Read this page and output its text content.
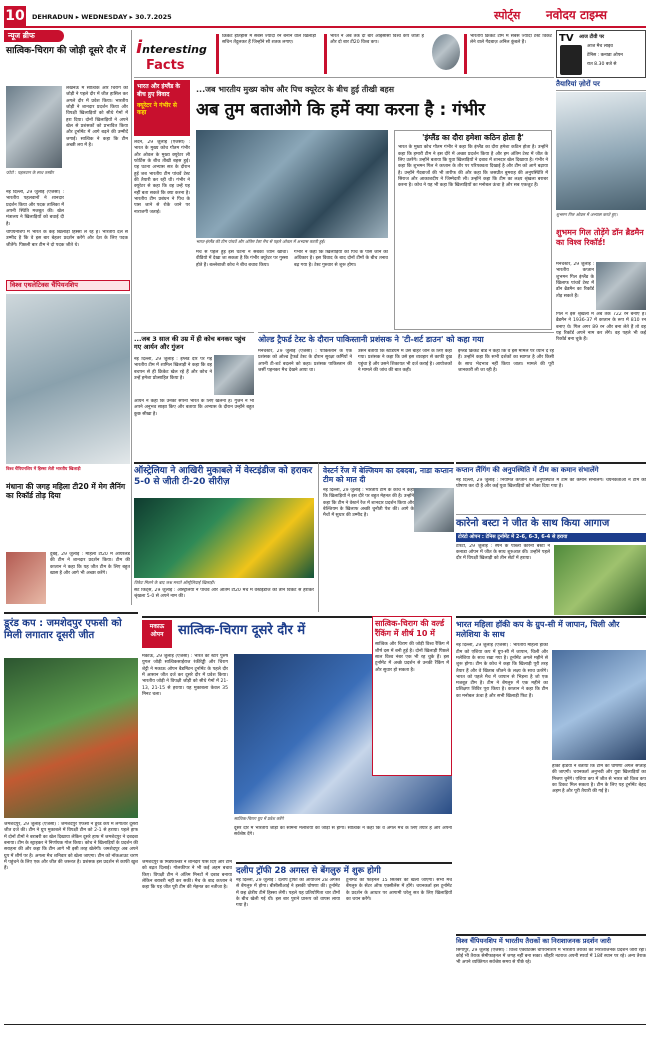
10 DEHRADUN ▸ WEDNESDAY ▸ 30.7.2025	स्पोर्ट्स नवोदय टाइम्स
न्यूज ब्रीफ
सात्विक-चिराग की जोड़ी दूसरे दौर में
लखनऊ में सात्विक और चिराग की जोड़ी ने पहले दौर में जीत हासिल कर अगले दौर में प्रवेश किया। भारतीय जोड़ी ने शानदार प्रदर्शन किया और विपक्षी खिलाड़ियों को सीधे गेमों में हरा दिया। दोनों खिलाड़ियों ने अपने खेल से प्रशंसकों को प्रभावित किया और टूर्नामेंट में आगे बढ़ने की उम्मीदें जगाईं। सात्विक ने कहा कि टीम अच्छी लय में है।
फोटो : पहलवान के साथ तस्वीर
नई दिल्ली, 29 जुलाई (एजेंसी) : भारतीय पहलवानों ने शानदार प्रदर्शन किया और पदक तालिका में अपनी स्थिति मजबूत की। खेल मंत्रालय ने खिलाड़ियों को बधाई दी है।
चैंपियनशिप में भारत के कई खिलाड़ी हिस्सा ले रहे हैं। भारतीय दल से उम्मीद है कि वे इस बार बेहतर प्रदर्शन करेंगे और देश के लिए पदक जीतेंगे। पिछली बार टीम ने दो पदक जीते थे।
विश्व एथलेटिक्स चैंपियनशिप
विश्व चैंपियनशिप में हिस्सा लेती भारतीय खिलाड़ी
मंधाना की जगह महिला टी20 में मेग लैनिंग का रिकॉर्ड तोड़ दिया
दुबई, 29 जुलाई : महिला टी20 में आयरलैंड की टीम ने शानदार प्रदर्शन किया। टीम की कप्तान ने कहा कि यह जीत टीम के लिए बहुत खास है और आगे भी अच्छा करेंगे।
interesting
Facts
क्रिकेट इतिहास में सबसे ज्यादा रन बनाने वाले खिलाड़ी सचिन तेंदुलकर हैं जिन्होंने सौ शतक लगाए।
भारत ने अब तक दो बार आईसीसी विश्व कप जीता है और दो बार टी20 विश्व कप।
भारतीय क्रिकेट टीम में सबसे ज्यादा टेस्ट विकेट लेने वाले गेंदबाज़ अनिल कुंबले हैं।	TV आज टीवी पर
आज मैच लाइव
टेनिस : कनाडा ओपन
रात 8.30 बजे से
भारत और इंग्लैंड के बीच हुए विवाद
क्यूरेटर ने गंभीर से कहा
...जब भारतीय मुख्य कोच और पिच क्यूरेटर के बीच हुई तीखी बहस
अब तुम बताओगे कि हमें क्या करना है : गंभीर
लंदन, 29 जुलाई (एजेंसी) : भारत के मुख्य कोच गौतम गंभीर और ओवल के मुख्य क्यूरेटर ली फोर्टिस के बीच तीखी बहस हुई। यह घटना अभ्यास सत्र के दौरान हुई जब भारतीय टीम पांचवें टेस्ट की तैयारी कर रही थी। गंभीर ने क्यूरेटर से कहा कि वह उन्हें यह नहीं बता सकते कि क्या करना है। भारतीय टीम प्रबंधन ने पिच के पास जाने से रोके जाने पर नाराजगी जताई।
भारत-इंग्लैंड की टीम पांचवें और अंतिम टेस्ट मैच से पहले ओवल में अभ्यास करती हुई।
मैच से पहले हुई इस घटना ने सबका ध्यान खींचा। वीडियो में देखा जा सकता है कि गंभीर क्यूरेटर पर गुस्सा होते हैं। बल्लेबाजी कोच ने बीच बचाव किया।
गंभीर ने कहा कि खिलाड़ियों को पिच के पास जाने का अधिकार है। इस विवाद के बाद दोनों टीमों के बीच तनाव बढ़ गया है। टेस्ट गुरुवार से शुरू होगा।
'इंग्लैंड का दौरा हमेशा कठिन होता है'
भारत के मुख्य कोच गौतम गंभीर ने कहा कि इंग्लैंड का दौरा हमेशा कठिन होता है। उन्होंने कहा कि हमारी टीम ने इस दौरे में अच्छा प्रदर्शन किया है और हम अंतिम टेस्ट में जीत के लिए उतरेंगे। उन्होंने बताया कि युवा खिलाड़ियों ने दबाव में शानदार खेल दिखाया है। गंभीर ने कहा कि शुभमन गिल ने कप्तान के तौर पर परिपक्वता दिखाई है और टीम को आगे बढ़ाया है। उन्होंने गेंदबाजों की भी तारीफ की और कहा कि जसप्रीत बुमराह की अनुपस्थिति में सिराज और आकाशदीप ने जिम्मेदारी ली। उन्होंने कहा कि टीम का लक्ष्य श्रृंखला बराबर करना है। कोच ने यह भी कहा कि खिलाड़ियों का मनोबल ऊंचा है और सब एकजुट हैं।
तैयारियां ज़ोरों पर
शुभमन गिल ओवल में अभ्यास करते हुए।
शुभमन गिल तोड़ेंगे डॉन ब्रैडमैन का विश्व रिकॉर्ड!
मैनचेस्टर, 29 जुलाई : भारतीय कप्तान शुभमन गिल इंग्लैंड के खिलाफ पांचवें टेस्ट में डॉन ब्रैडमैन का रिकॉर्ड तोड़ सकते हैं।
गिल ने इस श्रृंखला में अब तक 722 रन बनाए हैं। ब्रैडमैन ने 1936-37 में कप्तान के रूप में 810 रन बनाए थे। गिल अगर 89 रन और बना लेते हैं तो वह यह रिकॉर्ड अपने नाम कर लेंगे। वह पहले भी कई रिकॉर्ड बना चुके हैं।
...जब 3 साल की उम्र में ही कोच बनकर पहुंच गए आर्यन और गुंजन
नई दिल्ली, 29 जुलाई : इंग्लैंड दौरे पर गई भारतीय टीम में शामिल खिलाड़ी ने कहा कि वह बचपन से ही क्रिकेट खेल रहे हैं और कोच ने उन्हें हमेशा प्रोत्साहित किया है।
आर्यन ने कहा कि उनका सपना भारत के लिए खेलना है। गुंजन ने भी अपने अनुभव साझा किए और बताया कि अभ्यास के दौरान उन्होंने बहुत कुछ सीखा है।
ओल्ड ट्रैफर्ड टेस्ट के दौरान पाकिस्तानी प्रशंसक ने 'टी-शर्ट डाउन' को कहा गया
मैनचेस्टर, 29 जुलाई (एजेंसी) : पाकिस्तान के एक प्रशंसक को ओल्ड ट्रैफर्ड टेस्ट के दौरान सुरक्षा कर्मियों ने अपनी टी-शर्ट बदलने को कहा। प्रशंसक पाकिस्तान की जर्सी पहनकर मैच देखने आया था।
उसने बताया कि स्टेडियम में उसे बाहर जाने के लिए कहा गया। प्रशंसक ने कहा कि उसे इस व्यवहार से काफी दुख पहुंचा है और उसने शिकायत भी दर्ज कराई है। आयोजकों ने मामले की जांच की बात कही।
इंग्लैंड क्रिकेट बोर्ड ने कहा कि वे इस मामले पर ध्यान दे रहे हैं। उन्होंने कहा कि सभी दर्शकों का स्वागत है और किसी के साथ भेदभाव नहीं किया जाता। मामले की पूरी जानकारी ली जा रही है।
ऑस्ट्रेलिया ने आखिरी मुकाबले में वेस्टइंडीज को हराकर 5-0 से जीती टी-20 सीरीज़
विकेट मिलने के बाद जश्न मनाते ऑस्ट्रेलियाई खिलाड़ी।
सेंट किट्स, 29 जुलाई : ऑस्ट्रेलिया ने पांचवें और अंतिम टी20 मैच में वेस्टइंडीज को तीन विकेट से हराकर श्रृंखला 5-0 से अपने नाम की।
वेस्टर्न रेंज में बेल्जियम का दबदबा, नाडा कप्तान टीम को मात दी
नई दिल्ली, 29 जुलाई : भारतीय टीम के कोच ने कहा कि खिलाड़ियों ने इस दौरे पर बहुत मेहनत की है। उन्होंने कहा कि टीम ने वेस्टर्न रेंज में शानदार प्रदर्शन किया और बेल्जियम के खिलाफ अच्छी चुनौती पेश की। आगे के मैचों में सुधार की उम्मीद है।
कप्तान लैंगिंग की अनुपस्थिति में टीम का कमान संभालेंगे
नई दिल्ली, 29 जुलाई : नियमित कप्तान की अनुपस्थिति में टीम की कमान संभालेंगे। चयनकर्ताओं ने टीम की घोषणा कर दी है और कई युवा खिलाड़ियों को मौका दिया गया है।
कारेनो बस्टा ने जीत के साथ किया आगाज
टोरंटो ओपन : टेनिस टूर्नामेंट में 2-6, 6-3, 6-4 से हराया
टोरंटो, 29 जुलाई : स्पेन के पाब्लो कारेनो बस्टा ने कनाडा ओपन में जीत के साथ शुरुआत की। उन्होंने पहले दौर में विपक्षी खिलाड़ी को तीन सेटों में हराया।
डूरंड कप : जमशेदपुर एफसी को मिली लगातार दूसरी जीत
जमशेदपुर, 29 जुलाई (एजेंसी) : जमशेदपुर एफसी ने डूरंड कप में लगातार दूसरी जीत दर्ज की। टीम ने ग्रुप मुकाबले में विपक्षी टीम को 2-1 से हराया। पहले हाफ में दोनों टीमों ने बराबरी का खेल दिखाया लेकिन दूसरे हाफ में जमशेदपुर ने दबदबा बनाया। टीम के स्ट्राइकर ने निर्णायक गोल किया। कोच ने खिलाड़ियों के प्रदर्शन की सराहना की और कहा कि टीम आगे भी इसी तरह खेलेगी। जमशेदपुर अब अपने ग्रुप में शीर्ष पर है। अगला मैच शनिवार को खेला जाएगा। टीम को नॉकआउट चरण में पहुंचने के लिए एक और जीत की जरूरत है। प्रशंसक इस प्रदर्शन से काफी खुश हैं।
जमशेदपुर के मिडफील्डर ने शानदार पास दिए और टीम को बढ़त दिलाई। गोलकीपर ने भी कई अहम बचाव किए। विपक्षी टीम ने अंतिम मिनटों में दबाव बनाया लेकिन बराबरी नहीं कर सकी। मैच के बाद कप्तान ने कहा कि यह जीत पूरी टीम की मेहनत का नतीजा है।
मकाऊ
ओपन	सात्विक-चिराग दूसरे दौर में
मकाऊ, 29 जुलाई (एजेंसी) : भारत की स्टार पुरुष युगल जोड़ी सात्विकसाईराज रंकीरेड्डी और चिराग शेट्टी ने मकाऊ ओपन बैडमिंटन टूर्नामेंट के पहले दौर में आसान जीत दर्ज कर दूसरे दौर में प्रवेश किया। भारतीय जोड़ी ने विपक्षी जोड़ी को सीधे गेमों में 21-13, 21-15 से हराया। यह मुकाबला केवल 35 मिनट चला।
सात्विक-चिराग ग्रुप में प्रवेश करेंगे
दूसरे दौर में भारतीय जोड़ी का सामना मलेशिया की जोड़ी से होगा। सात्विक ने कहा कि वे अगले मैच के लिए तैयार हैं और अपना सर्वश्रेष्ठ देंगे।
सात्विक-चिराग की वर्ल्ड रैंकिंग में शीर्ष 10 में
सात्विक और चिराग की जोड़ी विश्व रैंकिंग में शीर्ष दस में बनी हुई है। दोनों खिलाड़ी पिछले साल विश्व नंबर एक भी रह चुके हैं। इस टूर्नामेंट में अच्छे प्रदर्शन से उनकी रैंकिंग में और सुधार हो सकता है।
भारत महिला हॉकी कप के ग्रुप-सी में जापान, चिली और मलेशिया के साथ
नई दिल्ली, 29 जुलाई (एजेंसी) : भारतीय महिला हॉकी टीम को एशिया कप में ग्रुप-सी में जापान, चिली और मलेशिया के साथ रखा गया है। टूर्नामेंट अगले महीने से शुरू होगा। टीम के कोच ने कहा कि खिलाड़ी पूरी तरह तैयार हैं और वे खिताब जीतने के लक्ष्य के साथ उतरेंगे। भारत को पहले मैच में जापान से भिड़ना है जो एक मजबूत टीम है। टीम ने बेंगलुरु में एक महीने का प्रशिक्षण शिविर पूरा किया है। कप्तान ने कहा कि टीम का मनोबल ऊंचा है और सभी खिलाड़ी फिट हैं।
हॉकी इंडिया ने बताया कि टीम की घोषणा अगले सप्ताह की जाएगी। चयनकर्ता अनुभवी और युवा खिलाड़ियों का मिश्रण चुनेंगे। एशिया कप में जीत से भारत को विश्व कप का टिकट मिल सकता है। टीम के लिए यह टूर्नामेंट बेहद अहम है और पूरी तैयारी की गई है।
दलीप ट्रॉफी 28 अगस्त से बेंगलुरु में शुरू होगी
नई दिल्ली, 29 जुलाई : दलीप ट्रॉफी का आयोजन 28 अगस्त से बेंगलुरु में होगा। बीसीसीआई ने इसकी घोषणा की। टूर्नामेंट में छह क्षेत्रीय टीमें हिस्सा लेंगी। पहले यह प्रतियोगिता चार टीमों के बीच खेली गई थी। इस बार पुराने प्रारूप को वापस लाया गया है।
टूर्नामेंट का फाइनल 15 सितंबर को खेला जाएगा। सभी मैच बेंगलुरु के सेंटर ऑफ एक्सीलेंस में होंगे। चयनकर्ता इस टूर्नामेंट के प्रदर्शन के आधार पर आगामी घरेलू सत्र के लिए खिलाड़ियों का चयन करेंगे।
विश्व चैंपियनशिप में भारतीय तैराकों का निराशाजनक प्रदर्शन जारी
सिंगापुर, 29 जुलाई (एजेंसी) : विश्व एक्वेटिक्स चैंपियनशिप में भारतीय तैराकों का निराशाजनक प्रदर्शन जारी रहा। कोई भी तैराक सेमीफाइनल में जगह नहीं बना सका। श्रीहरि नटराज अपनी स्पर्धा में 18वें स्थान पर रहे। अन्य तैराक भी अपने व्यक्तिगत सर्वश्रेष्ठ समय से पीछे रहे।
